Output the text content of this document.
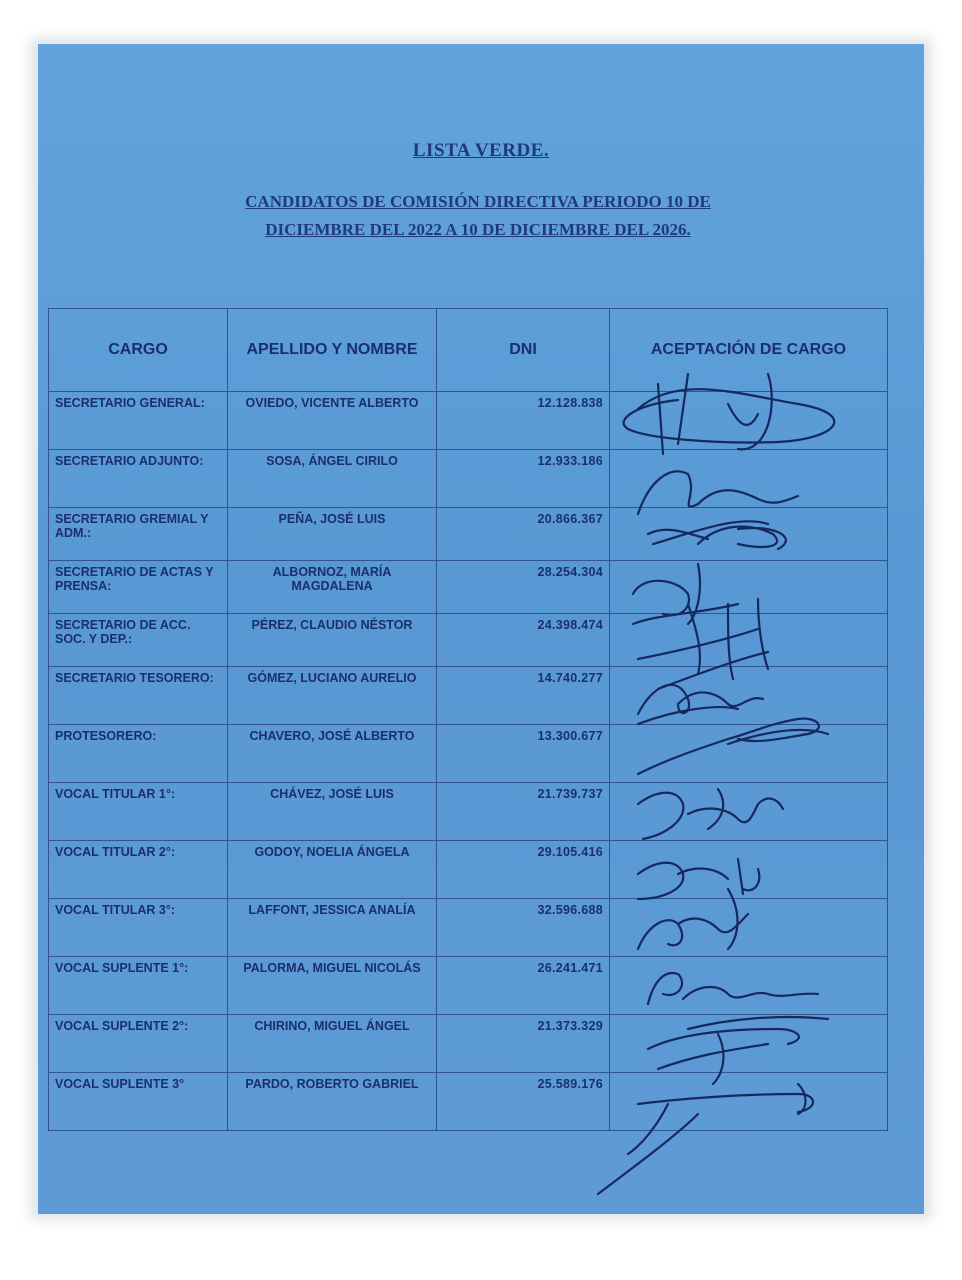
LISTA VERDE.
CANDIDATOS DE COMISIÓN DIRECTIVA PERIODO 10 DE
DICIEMBRE DEL 2022 A 10 DE DICIEMBRE DEL 2026.
CARGO	APELLIDO Y NOMBRE	DNI	ACEPTACIÓN DE CARGO
SECRETARIO GENERAL:	OVIEDO, VICENTE ALBERTO	12.128.838	
SECRETARIO ADJUNTO:	SOSA, ÁNGEL CIRILO	12.933.186	
SECRETARIO GREMIAL Y ADM.:	PEÑA, JOSÉ LUIS	20.866.367	
SECRETARIO DE ACTAS Y PRENSA:	ALBORNOZ, MARÍA MAGDALENA	28.254.304	
SECRETARIO DE ACC. SOC. Y DEP.:	PÉREZ, CLAUDIO NÉSTOR	24.398.474	
SECRETARIO TESORERO:	GÓMEZ, LUCIANO AURELIO	14.740.277	
PROTESORERO:	CHAVERO, JOSÉ ALBERTO	13.300.677	
VOCAL TITULAR 1°:	CHÁVEZ, JOSÉ LUIS	21.739.737	
VOCAL TITULAR 2°:	GODOY, NOELIA ÁNGELA	29.105.416	
VOCAL TITULAR 3°:	LAFFONT, JESSICA ANALÍA	32.596.688	
VOCAL SUPLENTE 1°:	PALORMA, MIGUEL NICOLÁS	26.241.471	
VOCAL SUPLENTE 2°:	CHIRINO, MIGUEL ÁNGEL	21.373.329	
VOCAL SUPLENTE 3°	PARDO, ROBERTO GABRIEL	25.589.176	
